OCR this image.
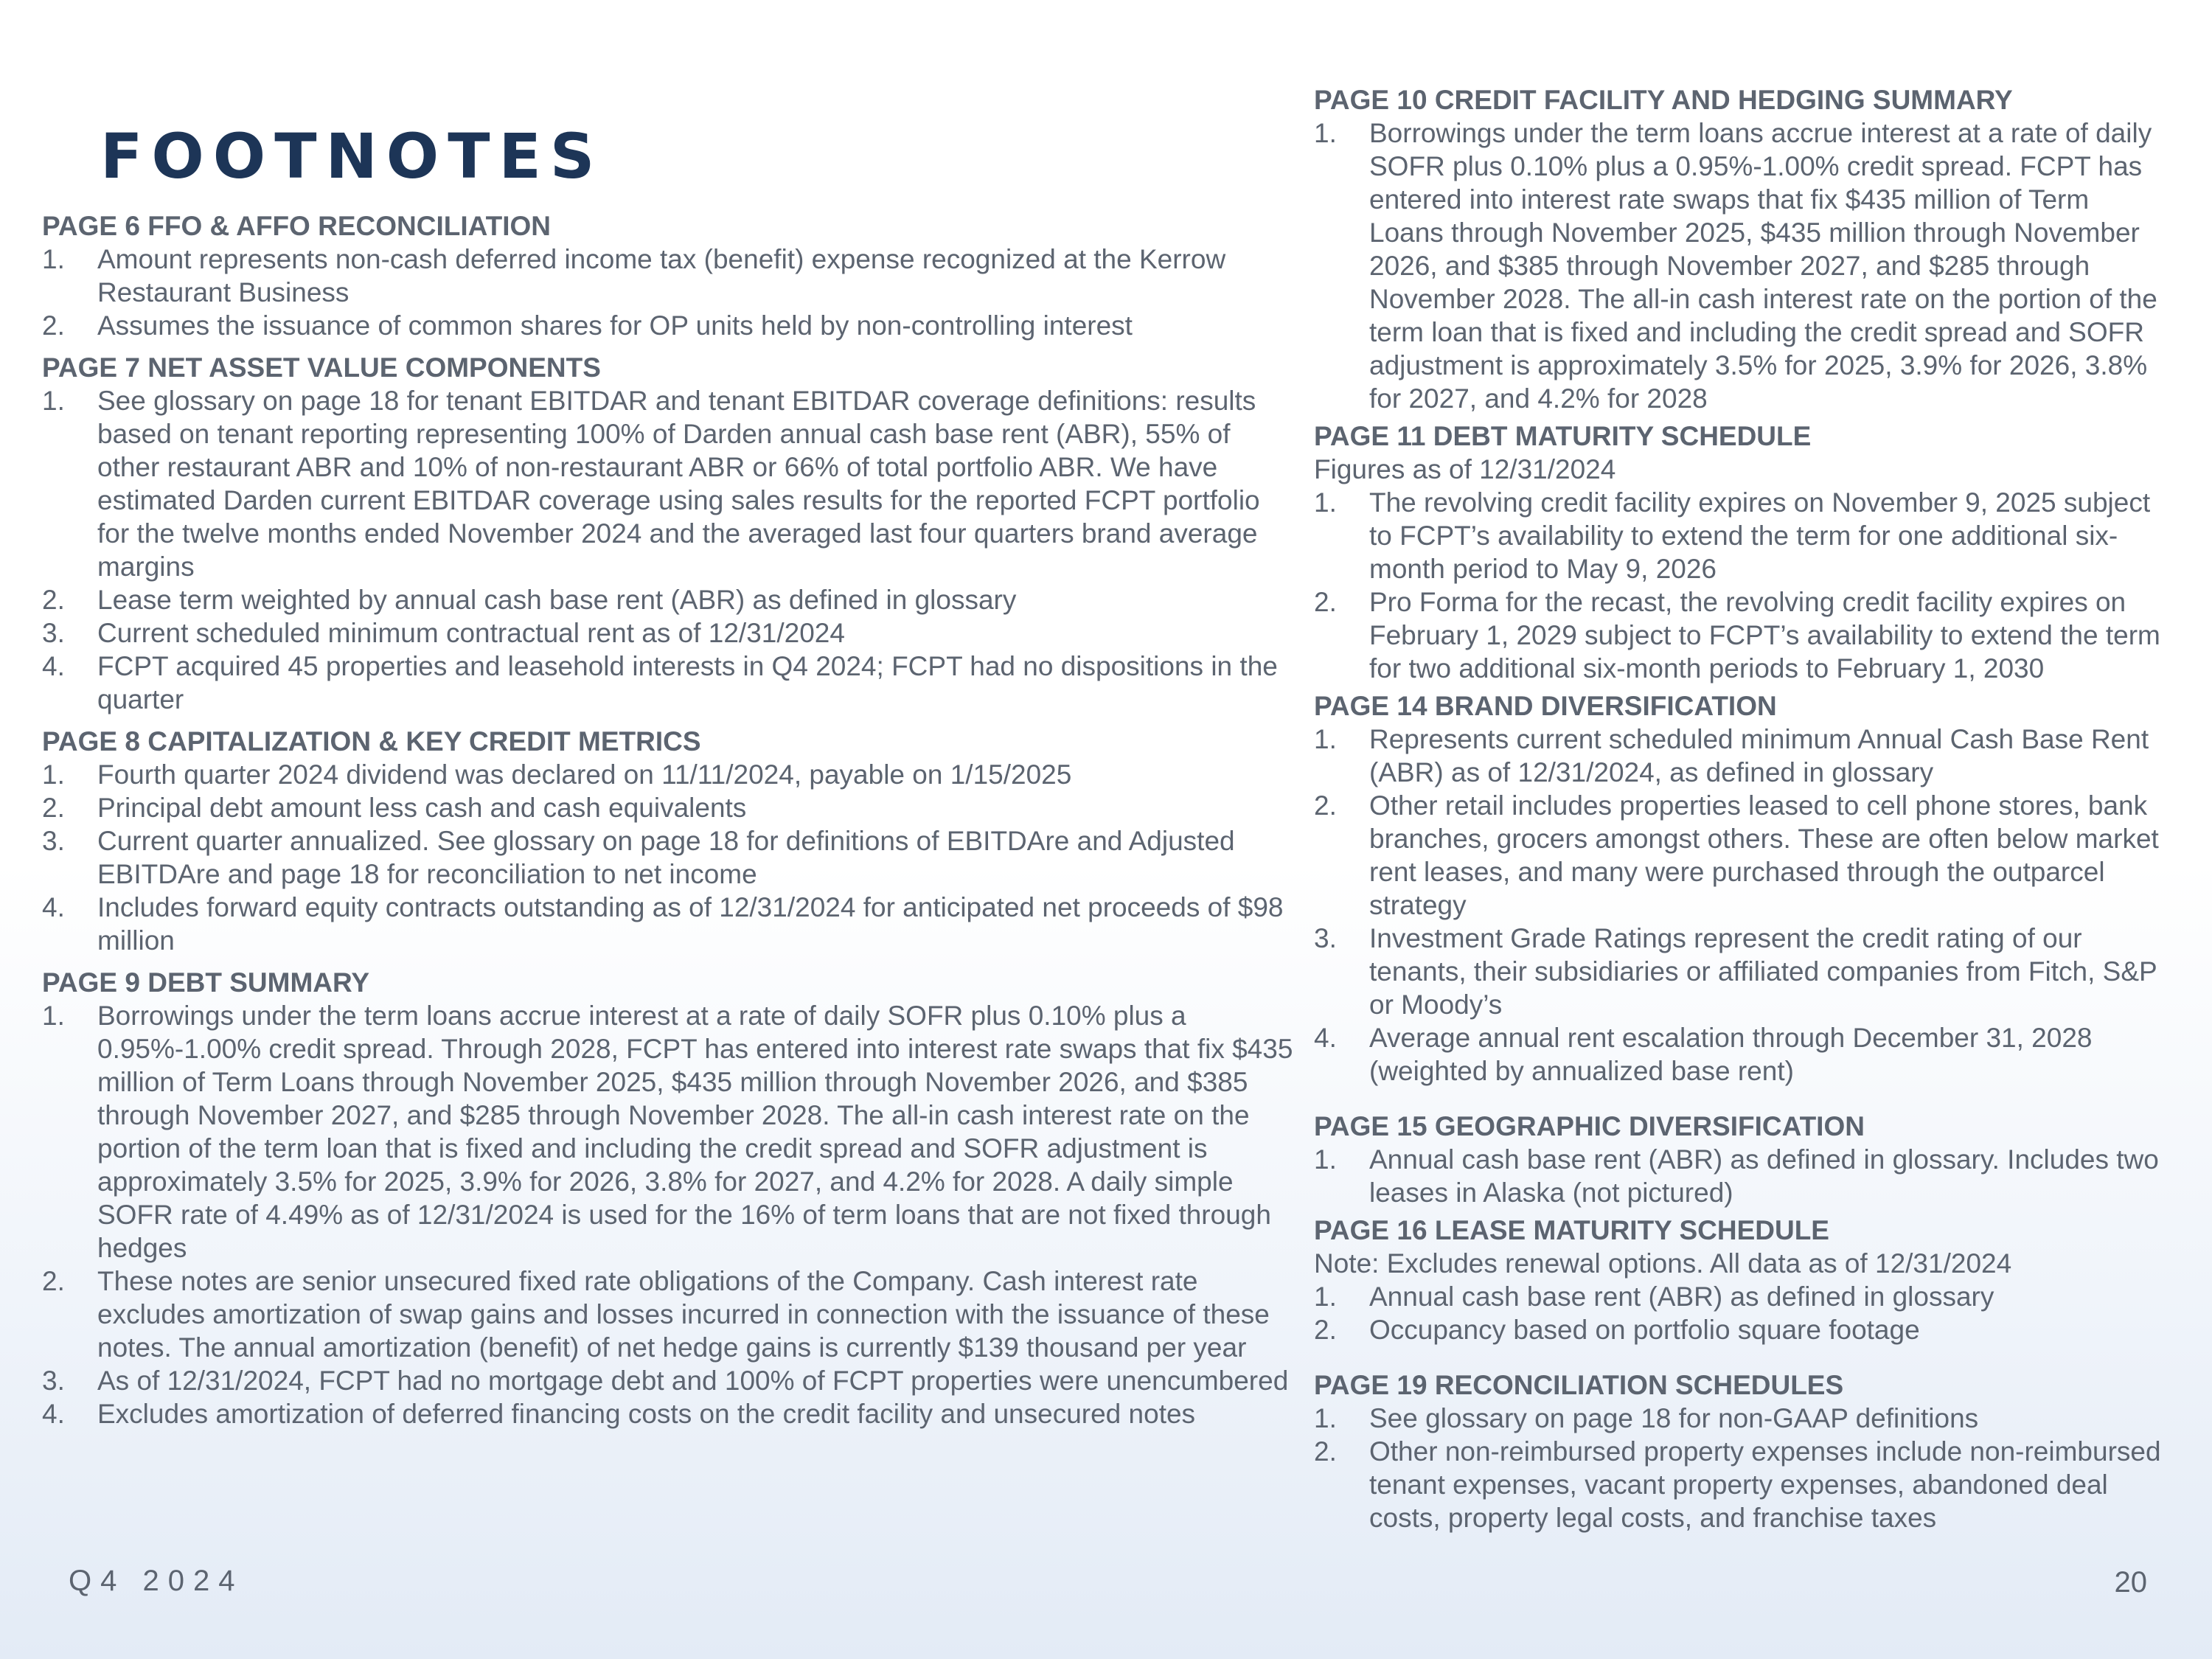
FOOTNOTES
PAGE 6 FFO & AFFO RECONCILIATION
1.	Amount represents non-cash deferred income tax (benefit) expense recognized at the Kerrow Restaurant Business
2.	Assumes the issuance of common shares for OP units held by non-controlling interest
PAGE 7 NET ASSET VALUE COMPONENTS
1.	See glossary on page 18 for tenant EBITDAR and tenant EBITDAR coverage definitions: results based on tenant reporting representing 100% of Darden annual cash base rent (ABR), 55% of other restaurant ABR and 10% of non-restaurant ABR or 66% of total portfolio ABR. We have estimated Darden current EBITDAR coverage using sales results for the reported FCPT portfolio for the twelve months ended November 2024 and the averaged last four quarters brand average margins
2.	Lease term weighted by annual cash base rent (ABR) as defined in glossary
3.	Current scheduled minimum contractual rent as of 12/31/2024
4.	FCPT acquired 45 properties and leasehold interests in Q4 2024; FCPT had no dispositions in the quarter
PAGE 8 CAPITALIZATION & KEY CREDIT METRICS
1.	Fourth quarter 2024 dividend was declared on 11/11/2024, payable on 1/15/2025
2.	Principal debt amount less cash and cash equivalents
3.	Current quarter annualized. See glossary on page 18 for definitions of EBITDAre and Adjusted EBITDAre and page 18 for reconciliation to net income
4.	Includes forward equity contracts outstanding as of 12/31/2024 for anticipated net proceeds of $98 million
PAGE 9 DEBT SUMMARY
1.	Borrowings under the term loans accrue interest at a rate of daily SOFR plus 0.10% plus a 0.95%-1.00% credit spread. Through 2028, FCPT has entered into interest rate swaps that fix $435 million of Term Loans through November 2025, $435 million through November 2026, and $385 through November 2027, and $285 through November 2028. The all-in cash interest rate on the portion of the term loan that is fixed and including the credit spread and SOFR adjustment is approximately 3.5% for 2025, 3.9% for 2026, 3.8% for 2027, and 4.2% for 2028. A daily simple SOFR rate of 4.49% as of 12/31/2024 is used for the 16% of term loans that are not fixed through hedges
2.	These notes are senior unsecured fixed rate obligations of the Company. Cash interest rate excludes amortization of swap gains and losses incurred in connection with the issuance of these notes. The annual amortization (benefit) of net hedge gains is currently $139 thousand per year
3.	As of 12/31/2024, FCPT had no mortgage debt and 100% of FCPT properties were unencumbered
4.	Excludes amortization of deferred financing costs on the credit facility and unsecured notes
PAGE 10 CREDIT FACILITY AND HEDGING SUMMARY
1.	Borrowings under the term loans accrue interest at a rate of daily SOFR plus 0.10% plus a 0.95%-1.00% credit spread. FCPT has entered into interest rate swaps that fix $435 million of Term Loans through November 2025, $435 million through November 2026, and $385 through November 2027, and $285 through November 2028. The all-in cash interest rate on the portion of the term loan that is fixed and including the credit spread and SOFR adjustment is approximately 3.5% for 2025, 3.9% for 2026, 3.8% for 2027, and 4.2% for 2028
PAGE 11 DEBT MATURITY SCHEDULE
Figures as of 12/31/2024
1.	The revolving credit facility expires on November 9, 2025 subject to FCPT’s availability to extend the term for one additional six-month period to May 9, 2026
2.	Pro Forma for the recast, the revolving credit facility expires on February 1, 2029 subject to FCPT’s availability to extend the term for two additional six-month periods to February 1, 2030
PAGE 14 BRAND DIVERSIFICATION
1.	Represents current scheduled minimum Annual Cash Base Rent (ABR) as of 12/31/2024, as defined in glossary
2.	Other retail includes properties leased to cell phone stores, bank branches, grocers amongst others. These are often below market rent leases, and many were purchased through the outparcel strategy
3.	Investment Grade Ratings represent the credit rating of our tenants, their subsidiaries or affiliated companies from Fitch, S&P or Moody’s
4.	Average annual rent escalation through December 31, 2028 (weighted by annualized base rent)
PAGE 15 GEOGRAPHIC DIVERSIFICATION
1.	Annual cash base rent (ABR) as defined in glossary. Includes two leases in Alaska (not pictured)
PAGE 16 LEASE MATURITY SCHEDULE
Note: Excludes renewal options. All data as of 12/31/2024
1.	Annual cash base rent (ABR) as defined in glossary
2.	Occupancy based on portfolio square footage
PAGE 19 RECONCILIATION SCHEDULES
1.	See glossary on page 18 for non-GAAP definitions
2.	Other non-reimbursed property expenses include non-reimbursed tenant expenses, vacant property expenses, abandoned deal costs, property legal costs, and franchise taxes
Q4 2024	20
